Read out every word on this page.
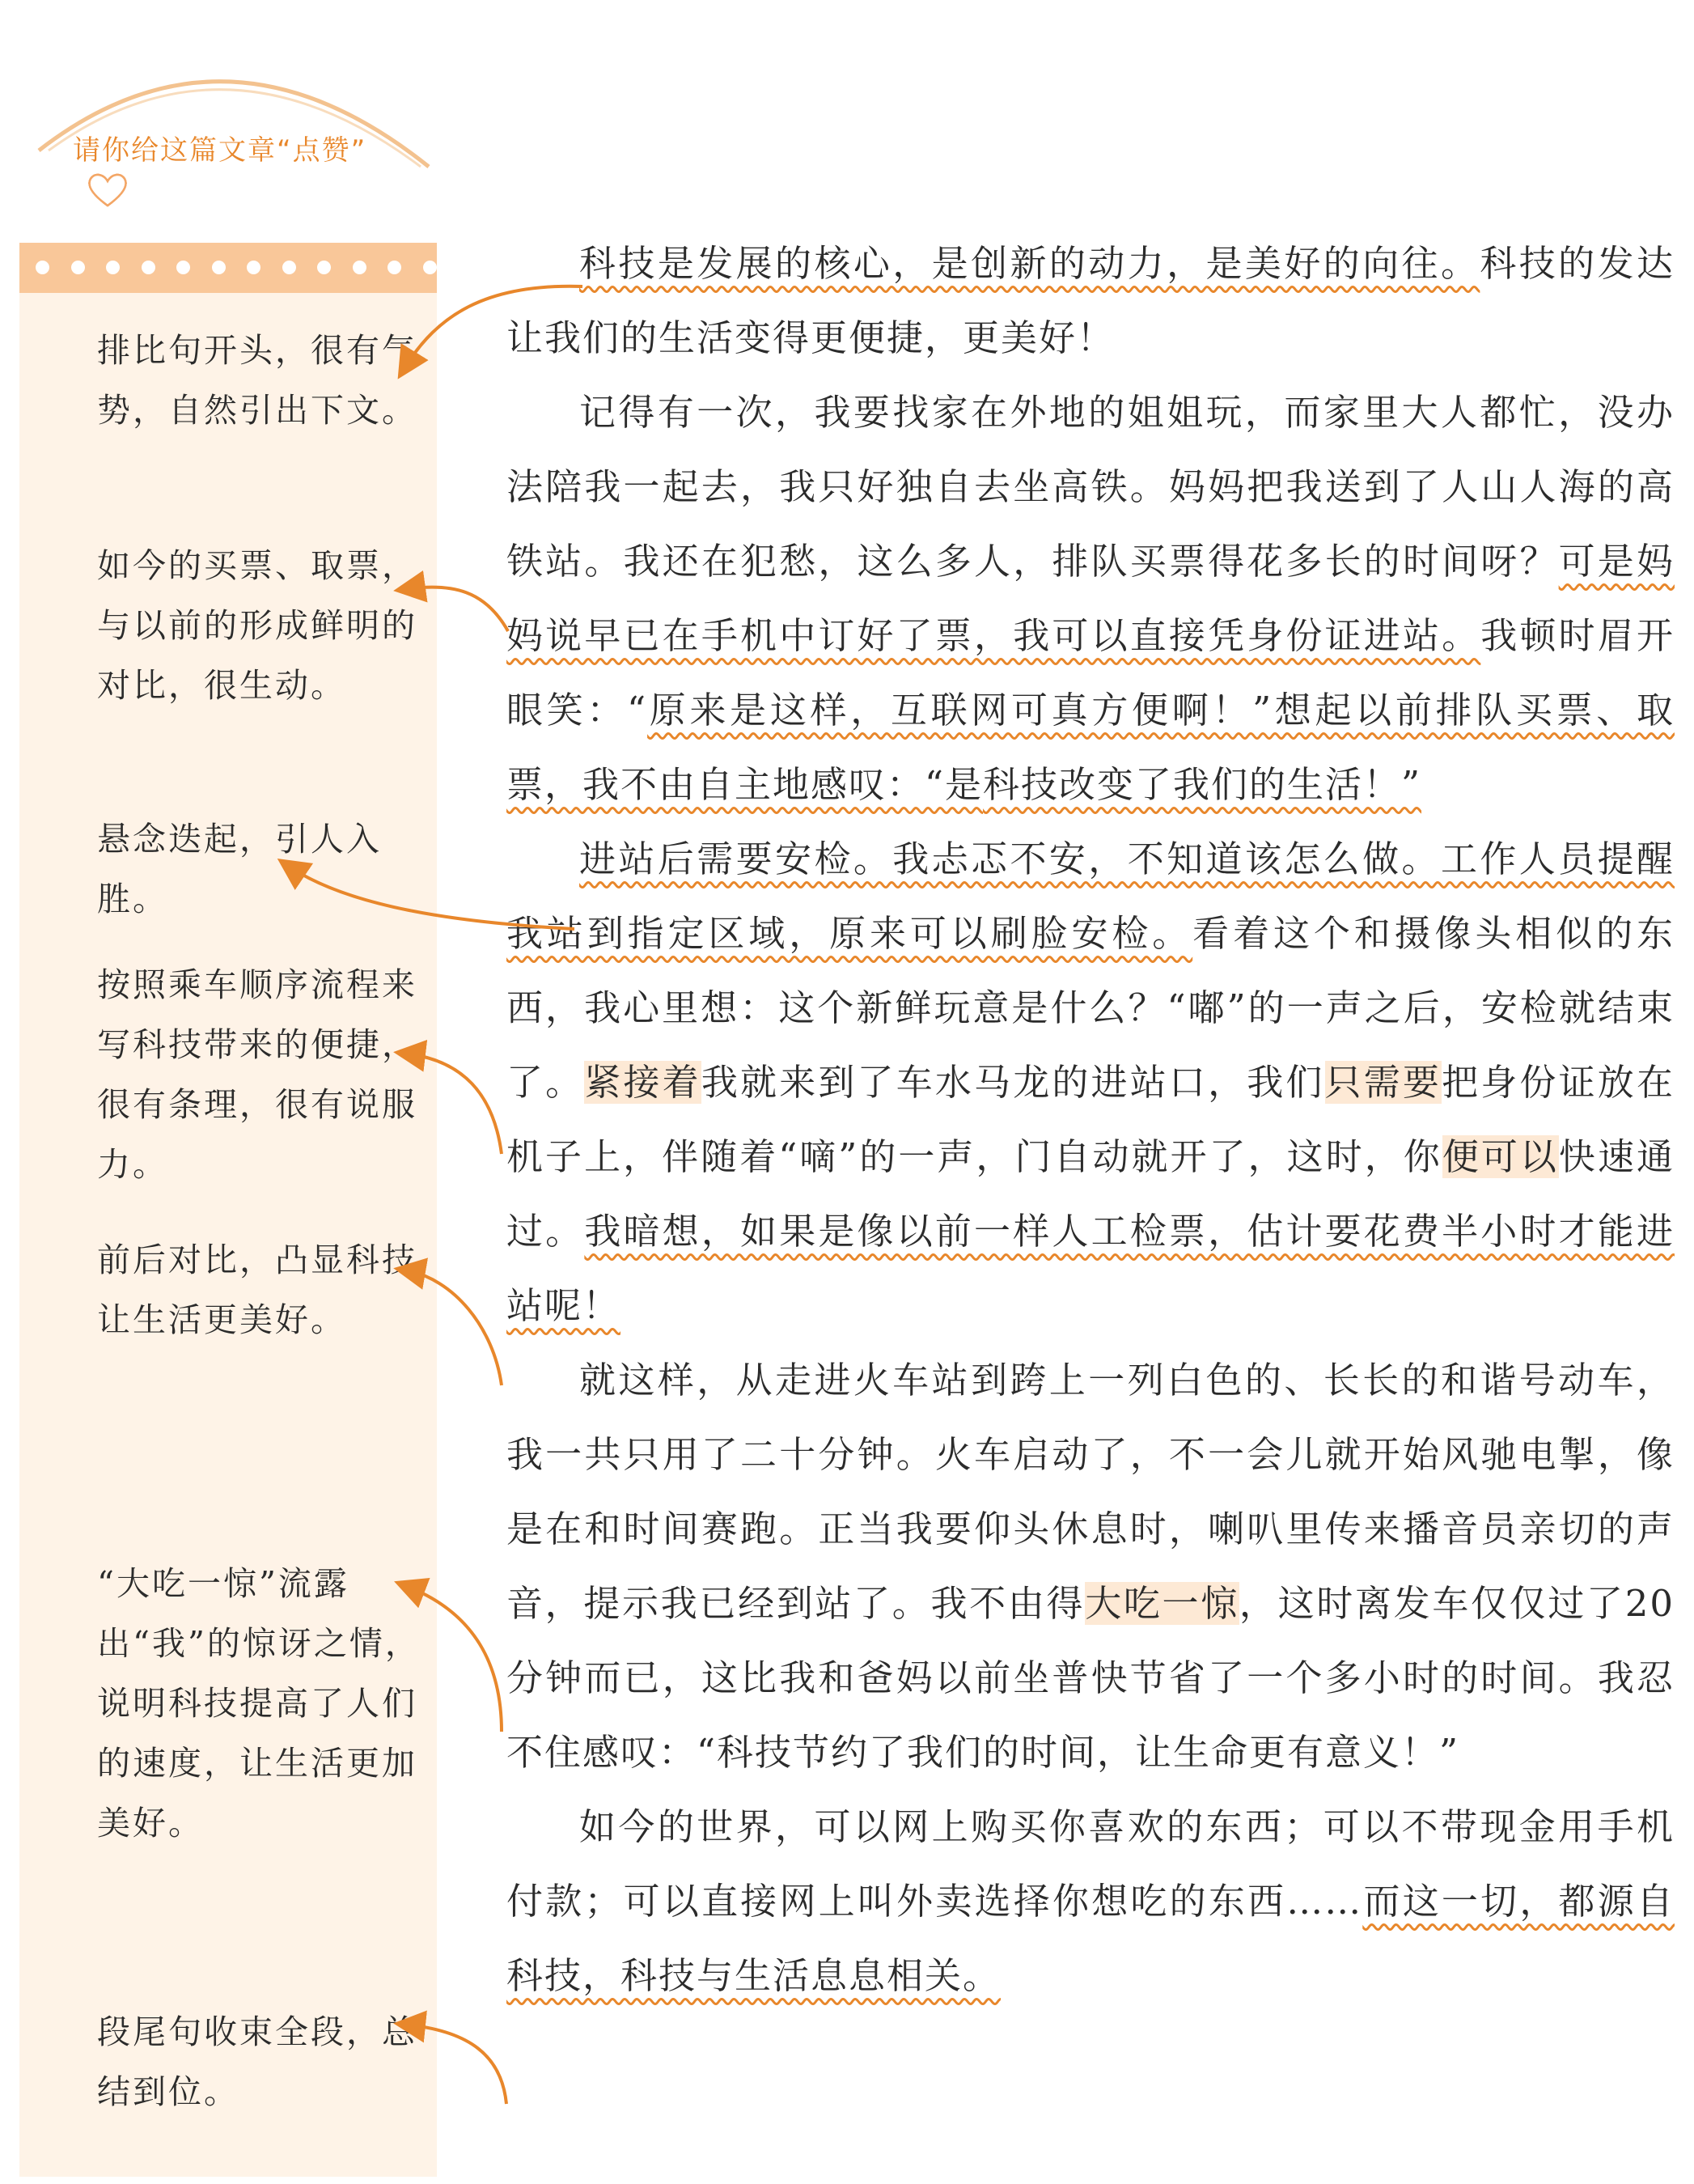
请你给这篇文章“点赞”
排比句开头，很有气势，自然引出下文。
如今的买票、取票，与以前的形成鲜明的对比，很生动。
悬念迭起，引人入胜。
按照乘车顺序流程来写科技带来的便捷，很有条理，很有说服力。
前后对比，凸显科技让生活更美好。
“大吃一惊”流露出“我”的惊讶之情，说明科技提高了人们的速度，让生活更加美好。
段尾句收束全段，总结到位。

科技是发展的核心，是创新的动力，是美好的向往。科技的发达让我们的生活变得更便捷，更美好！

记得有一次，我要找家在外地的姐姐玩，而家里大人都忙，没办法陪我一起去，我只好独自去坐高铁。妈妈把我送到了人山人海的高铁站。我还在犯愁，这么多人，排队买票得花多长的时间呀？可是妈妈说早已在手机中订好了票，我可以直接凭身份证进站。我顿时眉开眼笑：“原来是这样，互联网可真方便啊！”想起以前排队买票、取票，我不由自主地感叹：“是科技改变了我们的生活！”

进站后需要安检。我忐忑不安，不知道该怎么做。工作人员提醒我站到指定区域，原来可以刷脸安检。看着这个和摄像头相似的东西，我心里想：这个新鲜玩意是什么？“嘟”的一声之后，安检就结束了。紧接着我就来到了车水马龙的进站口，我们只需要把身份证放在机子上，伴随着“嘀”的一声，门自动就开了，这时，你便可以快速通过。我暗想，如果是像以前一样人工检票，估计要花费半小时才能进站呢！

就这样，从走进火车站到跨上一列白色的、长长的和谐号动车，我一共只用了二十分钟。火车启动了，不一会儿就开始风驰电掣，像是在和时间赛跑。正当我要仰头休息时，喇叭里传来播音员亲切的声音，提示我已经到站了。我不由得大吃一惊，这时离发车仅仅过了20分钟而已，这比我和爸妈以前坐普快节省了一个多小时的时间。我忍不住感叹：“科技节约了我们的时间，让生命更有意义！”

如今的世界，可以网上购买你喜欢的东西；可以不带现金用手机付款；可以直接网上叫外卖选择你想吃的东西……而这一切，都源自科技，科技与生活息息相关。
